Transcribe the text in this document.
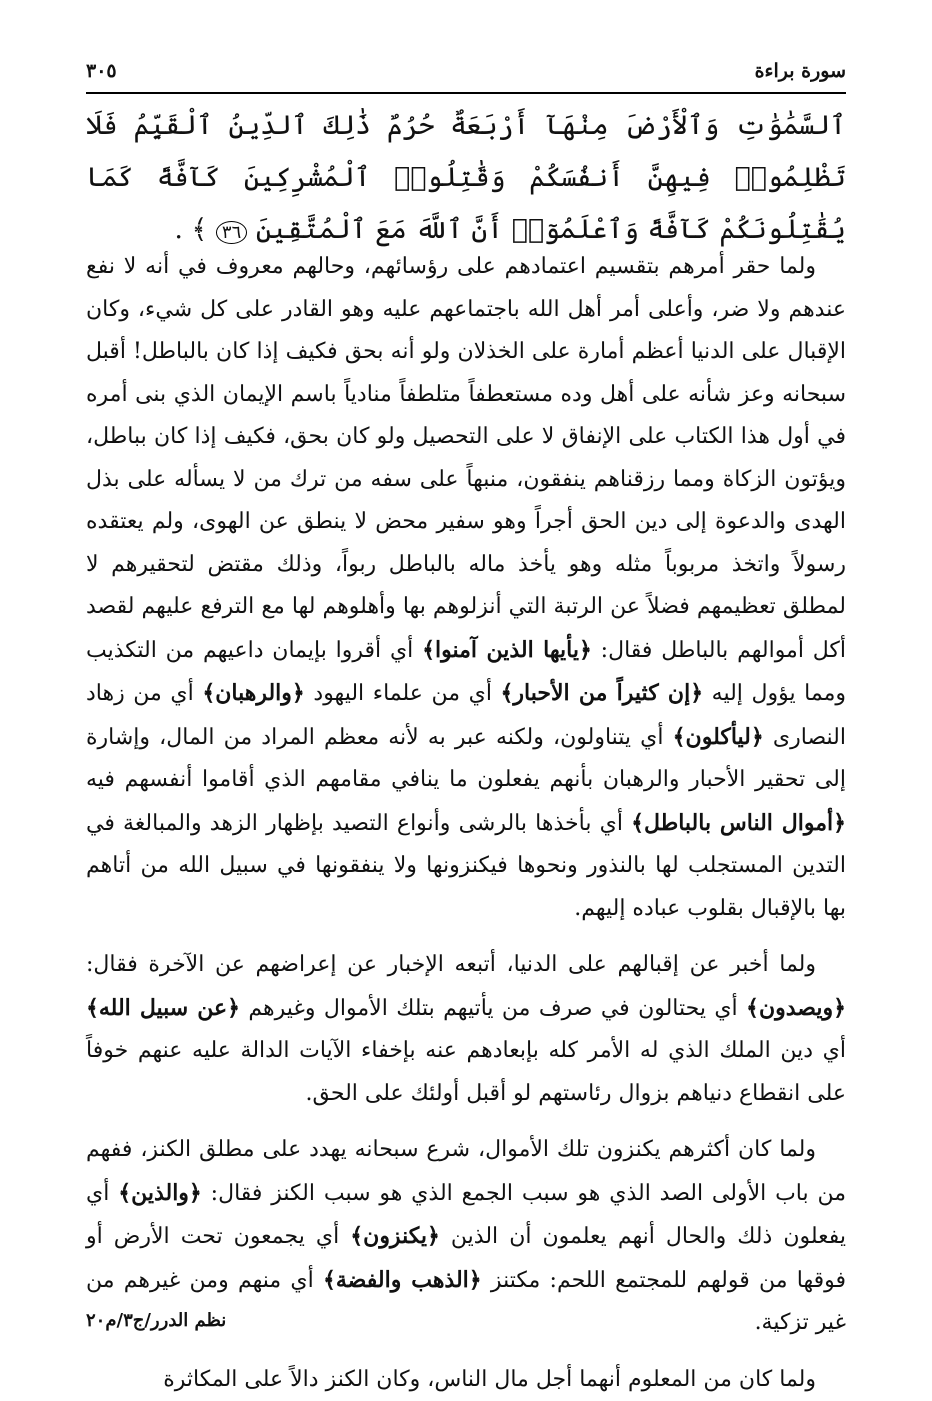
سورة براءة
٣٠٥
ٱلسَّمَٰوَٰتِ وَٱلْأَرْضَ مِنْهَآ أَرْبَعَةٌ حُرُمٌ ذَٰلِكَ ٱلدِّينُ ٱلْقَيِّمُ فَلَا تَظْلِمُوا۟ فِيهِنَّ أَنفُسَكُمْ وَقَٰتِلُوا۟ ٱلْمُشْرِكِينَ كَآفَّةً كَمَا يُقَٰتِلُونَكُمْ كَآفَّةً وَٱعْلَمُوٓا۟ أَنَّ ٱللَّهَ مَعَ ٱلْمُتَّقِينَ ٣٦ ﴾ .

ولما حقر أمرهم بتقسيم اعتمادهم على رؤسائهم، وحالهم معروف في أنه لا نفع عندهم ولا ضر، وأعلى أمر أهل الله باجتماعهم عليه وهو القادر على كل شيء، وكان الإقبال على الدنيا أعظم أمارة على الخذلان ولو أنه بحق فكيف إذا كان بالباطل! أقبل سبحانه وعز شأنه على أهل وده مستعطفاً متلطفاً منادياً باسم الإيمان الذي بنى أمره في أول هذا الكتاب على الإنفاق لا على التحصيل ولو كان بحق، فكيف إذا كان بباطل، ويؤتون الزكاة ومما رزقناهم ينفقون، منبهاً على سفه من ترك من لا يسأله على بذل الهدى والدعوة إلى دين الحق أجراً وهو سفير محض لا ينطق عن الهوى، ولم يعتقده رسولاً واتخذ مربوباً مثله وهو يأخذ ماله بالباطل ربواً، وذلك مقتض لتحقيرهم لا لمطلق تعظيمهم فضلاً عن الرتبة التي أنزلوهم بها وأهلوهم لها مع الترفع عليهم لقصد أكل أموالهم بالباطل فقال: ﴿يأيها الذين آمنوا﴾ أي أقروا بإيمان داعيهم من التكذيب ومما يؤول إليه ﴿إن كثيراً من الأحبار﴾ أي من علماء اليهود ﴿والرهبان﴾ أي من زهاد النصارى ﴿ليأكلون﴾ أي يتناولون، ولكنه عبر به لأنه معظم المراد من المال، وإشارة إلى تحقير الأحبار والرهبان بأنهم يفعلون ما ينافي مقامهم الذي أقاموا أنفسهم فيه ﴿أموال الناس بالباطل﴾ أي بأخذها بالرشى وأنواع التصيد بإظهار الزهد والمبالغة في التدين المستجلب لها بالنذور ونحوها فيكنزونها ولا ينفقونها في سبيل الله من أتاهم بها بالإقبال بقلوب عباده إليهم.

ولما أخبر عن إقبالهم على الدنيا، أتبعه الإخبار عن إعراضهم عن الآخرة فقال: ﴿ويصدون﴾ أي يحتالون في صرف من يأتيهم بتلك الأموال وغيرهم ﴿عن سبيل الله﴾ أي دين الملك الذي له الأمر كله بإبعادهم عنه بإخفاء الآيات الدالة عليه عنهم خوفاً على انقطاع دنياهم بزوال رئاستهم لو أقبل أولئك على الحق.

ولما كان أكثرهم يكنزون تلك الأموال، شرع سبحانه يهدد على مطلق الكنز، ففهم من باب الأولى الصد الذي هو سبب الجمع الذي هو سبب الكنز فقال: ﴿والذين﴾ أي يفعلون ذلك والحال أنهم يعلمون أن الذين ﴿يكنزون﴾ أي يجمعون تحت الأرض أو فوقها من قولهم للمجتمع اللحم: مكتنز ﴿الذهب والفضة﴾ أي منهم ومن غيرهم من غير تزكية.

ولما كان من المعلوم أنهما أجل مال الناس، وكان الكنز دالاً على المكاثرة

نظم الدرر/ج٣/م٢٠
